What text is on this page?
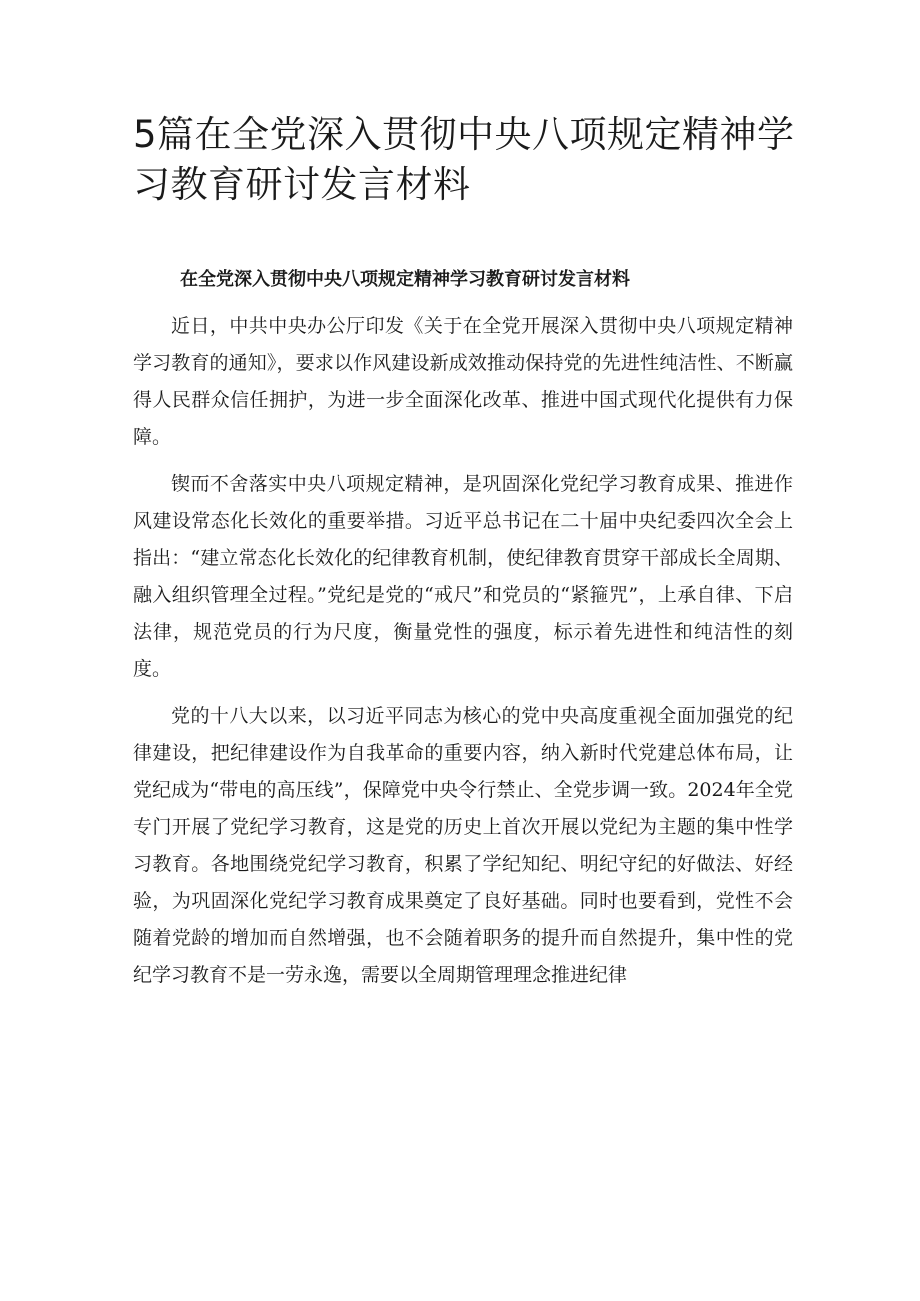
5篇在全党深入贯彻中央八项规定精神学习教育研讨发言材料
在全党深入贯彻中央八项规定精神学习教育研讨发言材料

近日，中共中央办公厅印发《关于在全党开展深入贯彻中央八项规定精神学习教育的通知》，要求以作风建设新成效推动保持党的先进性纯洁性、不断赢得人民群众信任拥护，为进一步全面深化改革、推进中国式现代化提供有力保障。

锲而不舍落实中央八项规定精神，是巩固深化党纪学习教育成果、推进作风建设常态化长效化的重要举措。习近平总书记在二十届中央纪委四次全会上指出：“建立常态化长效化的纪律教育机制，使纪律教育贯穿干部成长全周期、融入组织管理全过程。”党纪是党的“戒尺”和党员的“紧箍咒”，上承自律、下启法律，规范党员的行为尺度，衡量党性的强度，标示着先进性和纯洁性的刻度。

党的十八大以来，以习近平同志为核心的党中央高度重视全面加强党的纪律建设，把纪律建设作为自我革命的重要内容，纳入新时代党建总体布局，让党纪成为“带电的高压线”，保障党中央令行禁止、全党步调一致。2024年全党专门开展了党纪学习教育，这是党的历史上首次开展以党纪为主题的集中性学习教育。各地围绕党纪学习教育，积累了学纪知纪、明纪守纪的好做法、好经验，为巩固深化党纪学习教育成果奠定了良好基础。同时也要看到，党性不会随着党龄的增加而自然增强，也不会随着职务的提升而自然提升，集中性的党纪学习教育不是一劳永逸，需要以全周期管理理念推进纪律
